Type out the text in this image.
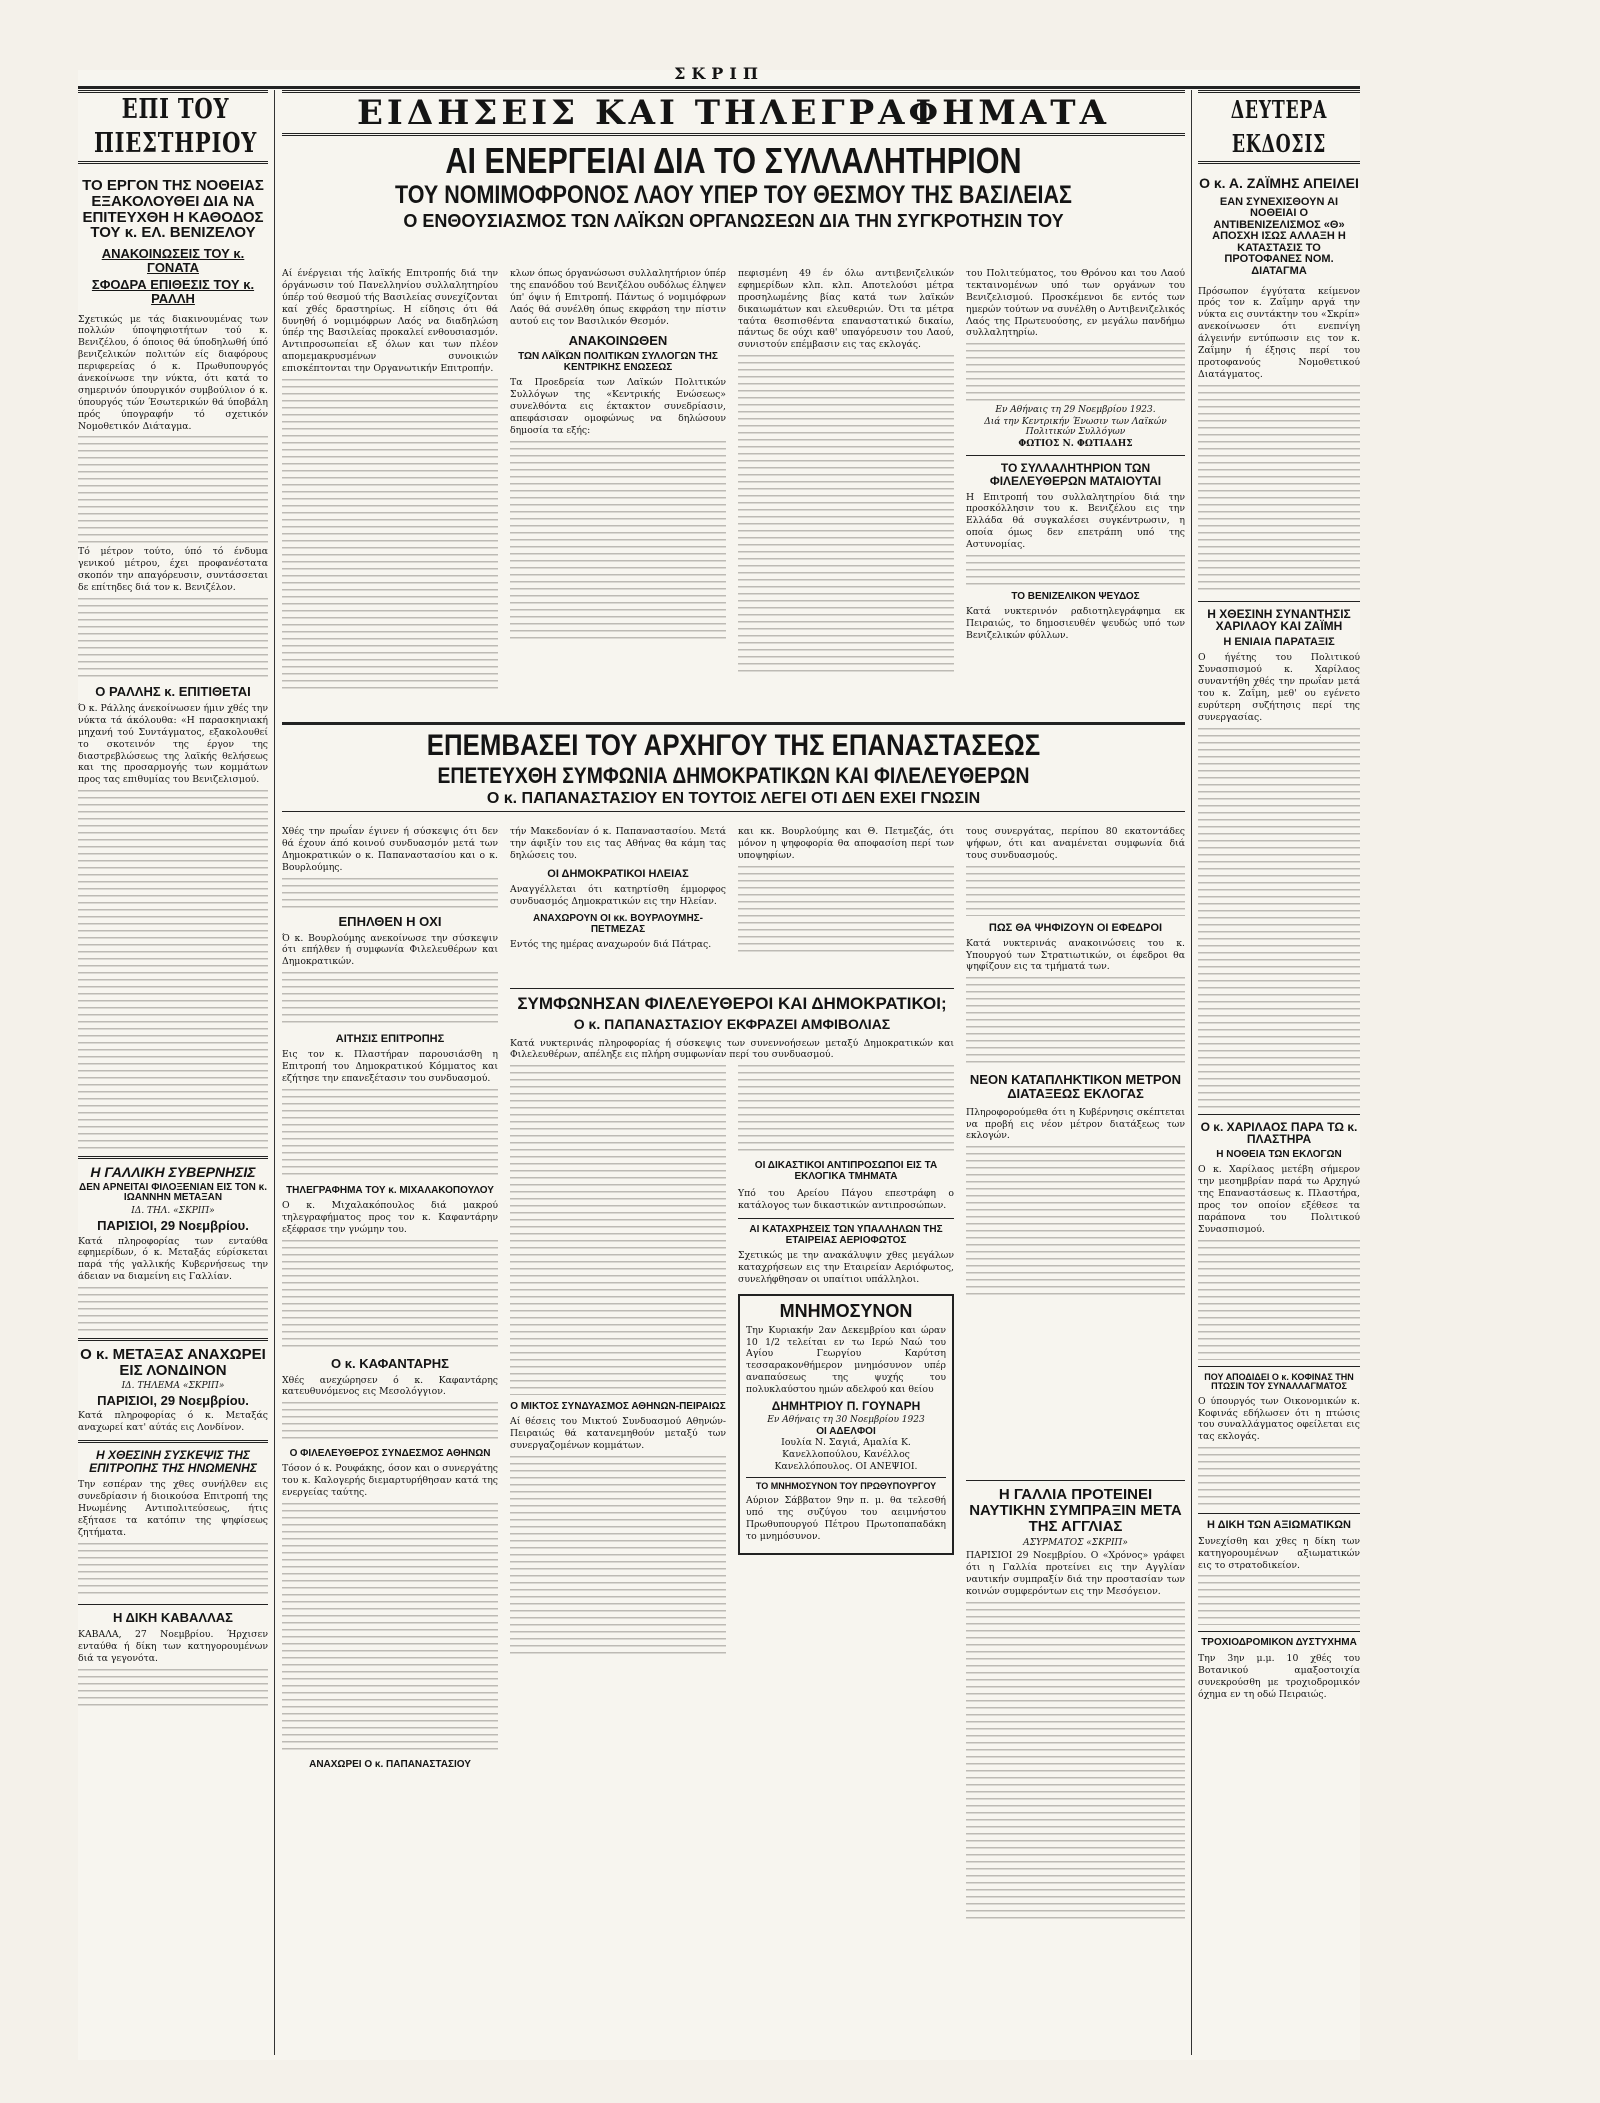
ΣΚΡΙΠ
ΕΠΙ ΤΟΥ ΠΙΕΣΤΗΡΙΟΥ
ΤΟ ΕΡΓΟΝ ΤΗΣ ΝΟΘΕΙΑΣ ΕΞΑΚΟΛΟΥΘΕΙ ΔΙΑ ΝΑ ΕΠΙΤΕΥΧΘΗ Η ΚΑΘΟΔΟΣ ΤΟΥ κ. ΕΛ. ΒΕΝΙΖΕΛΟΥ
ΑΝΑΚΟΙΝΩΣΕΙΣ ΤΟΥ κ. ΓΟΝΑΤΑ
ΣΦΟΔΡΑ ΕΠΙΘΕΣΙΣ ΤΟΥ κ. ΡΑΛΛΗ

Σχετικώς με τάς διακινουμένας των πολλών ύποψηφιοτήτων τού κ. Βενιζέλου, ό όποιος θά ύποδηλωθή ύπό βενιζελικών πολιτών είς διαφόρους περιφερείας ό κ. Πρωθυπουργός άνεκοίνωσε την νύκτα, ότι κατά το σημερινόν ύπουργικόν συμβούλιον ό κ. ύπουργός τών Έσωτερικών θά ύποβάλη πρός ύπογραφήν τό σχετικόν Νομοθετικόν Διάταγμα.

Τό μέτρον τούτο, ύπό τό ένδυμα γενικού μέτρου, έχει προφανέστατα σκοπόν την απαγόρευσιν, συντάσσεται δε επίτηδες διά τον κ. Βενιζέλον.

Ο ΡΑΛΛΗΣ κ. ΕΠΙΤΙΘΕΤΑΙ

Ό κ. Ράλλης άνεκοίνωσεν ήμιν χθές την νύκτα τά άκόλουθα: «Η παρασκηνιακή μηχανή τού Συντάγματος, εξακολουθεί το σκοτεινόν της έργον της διαστρεβλώσεως της λαϊκής θελήσεως και της προσαρμογής των κομμάτων προς τας επιθυμίας του Βενιζελισμού.

Η ΓΑΛΛΙΚΗ ΣΥΒΕΡΝΗΣΙΣ
ΔΕΝ ΑΡΝΕΙΤΑΙ ΦΙΛΟΞΕΝΙΑΝ ΕΙΣ ΤΟΝ κ. ΙΩΑΝΝΗΝ ΜΕΤΑΞΑΝ
ΙΔ. ΤΗΛ. «ΣΚΡΙΠ»
ΠΑΡΙΣΙΟΙ, 29 Νοεμβρίου.

Κατά πληροφορίας των ενταύθα εφημερίδων, ό κ. Μεταξάς εύρίσκεται παρά τής γαλλικής Κυβερνήσεως την άδειαν να διαμείνη εις Γαλλίαν.

Ο κ. ΜΕΤΑΞΑΣ ΑΝΑΧΩΡΕΙ ΕΙΣ ΛΟΝΔΙΝΟΝ
ΙΔ. ΤΗΛΕΜΑ «ΣΚΡΙΠ»
ΠΑΡΙΣΙΟΙ, 29 Νοεμβρίου.

Κατά πληροφορίας ό κ. Μεταξάς αναχωρεί κατ' αύτάς εις Λονδίνον.

Η ΧΘΕΣΙΝΗ ΣΥΣΚΕΨΙΣ ΤΗΣ ΕΠΙΤΡΟΠΗΣ ΤΗΣ ΗΝΩΜΕΝΗΣ

Την εσπέραν της χθες συνήλθεν εις συνεδρίασιν ή διοικούσα Επιτροπή της Ηνωμένης Αντιπολιτεύσεως, ήτις εξήτασε τα κατόπιν της ψηφίσεως ζητήματα.

Η ΔΙΚΗ ΚΑΒΑΛΛΑΣ

ΚΑΒΑΛΑ, 27 Νοεμβρίου. Ήρχισεν ενταύθα ή δίκη των κατηγορουμένων διά τα γεγονότα.

ΕΙΔΗΣΕΙΣ ΚΑΙ ΤΗΛΕΓΡΑΦΗΜΑΤΑ
ΑΙ ΕΝΕΡΓΕΙΑΙ ΔΙΑ ΤΟ ΣΥΛΛΑΛΗΤΗΡΙΟΝ
ΤΟΥ ΝΟΜΙΜΟΦΡΟΝΟΣ ΛΑΟΥ ΥΠΕΡ ΤΟΥ ΘΕΣΜΟΥ ΤΗΣ ΒΑΣΙΛΕΙΑΣ
Ο ΕΝΘΟΥΣΙΑΣΜΟΣ ΤΩΝ ΛΑΪΚΩΝ ΟΡΓΑΝΩΣΕΩΝ ΔΙΑ ΤΗΝ ΣΥΓΚΡΟΤΗΣΙΝ ΤΟΥ

Αί ένέργειαι τής λαϊκής Επιτροπής διά την όργάνωσιν τού Πανελληνίου συλλαλητηρίου ύπέρ τού θεσμού τής Βασιλείας συνεχίζονται καί χθές δραστηρίως. Η είδησις ότι θά δυνηθή ό νομιμόφρων Λαός να διαδηλώση ύπέρ της Βασιλείας προκαλεί ενθουσιασμόν. Αντιπροσωπείαι εξ όλων και των πλέον απομεμακρυσμένων συνοικιών επισκέπτονται την Οργανωτικήν Επιτροπήν.

κλων όπως όργανώσωσι συλλαλητήριον ύπέρ της επανόδου τού Βενιζέλου ουδόλως έληψεν ύπ' όψιν ή Επιτροπή. Πάντως ό νομιμόφρων Λαός θά συνέλθη όπως εκφράση την πίστιν αυτού εις τον Βασιλικόν Θεσμόν.

ΑΝΑΚΟΙΝΩΘΕΝ
ΤΩΝ ΛΑΪΚΩΝ ΠΟΛΙΤΙΚΩΝ ΣΥΛΛΟΓΩΝ ΤΗΣ ΚΕΝΤΡΙΚΗΣ ΕΝΩΣΕΩΣ

Τα Προεδρεία των Λαϊκών Πολιτικών Συλλόγων της «Κεντρικής Ενώσεως» συνελθόντα εις έκτακτον συνεδρίασιν, απεφάσισαν ομοφώνως να δηλώσουν δημοσία τα εξής:

πεφισμένη 49 έν όλω αντιβενιζελικών εφημερίδων κλπ. κλπ. Αποτελούσι μέτρα προσηλωμένης βίας κατά των λαϊκών δικαιωμάτων και ελευθεριών. Ότι τα μέτρα ταύτα θεσπισθέντα επαναστατικώ δικαίω, πάντως δε ούχι καθ' υπαγόρευσιν του Λαού, συνιστούν επέμβασιν εις τας εκλογάς.

του Πολιτεύματος, του Θρόνου και του Λαού τεκταινομένων υπό των οργάνων του Βενιζελισμού. Προσκέμενοι δε εντός των ημερών τούτων να συνέλθη ο Αντιβενιζελικός Λαός της Πρωτευούσης, εν μεγάλω πανδήμω συλλαλητηρίω.

Εν Αθήναις τη 29 Νοεμβρίου 1923.
Διά την Κεντρικήν Ένωσιν των Λαϊκών Πολιτικών Συλλόγων
ΦΩΤΙΟΣ Ν. ΦΩΤΙΑΔΗΣ
ΤΟ ΣΥΛΛΑΛΗΤΗΡΙΟΝ ΤΩΝ ΦΙΛΕΛΕΥΘΕΡΩΝ ΜΑΤΑΙΟΥΤΑΙ

Η Επιτροπή του συλλαλητηρίου διά την προσκόλλησιν του κ. Βενιζέλου εις την Ελλάδα θά συγκαλέσει συγκέντρωσιν, η οποία όμως δεν επετράπη υπό της Αστυνομίας.

ΤΟ ΒΕΝΙΖΕΛΙΚΟΝ ΨΕΥΔΟΣ

Κατά νυκτερινόν ραδιοτηλεγράφημα εκ Πειραιώς, το δημοσιευθέν ψευδώς υπό των Βενιζελικών φύλλων.

ΕΠΕΜΒΑΣΕΙ ΤΟΥ ΑΡΧΗΓΟΥ ΤΗΣ ΕΠΑΝΑΣΤΑΣΕΩΣ
ΕΠΕΤΕΥΧΘΗ ΣΥΜΦΩΝΙΑ ΔΗΜΟΚΡΑΤΙΚΩΝ ΚΑΙ ΦΙΛΕΛΕΥΘΕΡΩΝ
Ο κ. ΠΑΠΑΝΑΣΤΑΣΙΟΥ ΕΝ ΤΟΥΤΟΙΣ ΛΕΓΕΙ ΟΤΙ ΔΕΝ ΕΧΕΙ ΓΝΩΣΙΝ

Χθές την πρωΐαν έγινεν ή σύσκεψις ότι δεν θά έχουν άπό κοινού συνδυασμόν μετά των Δημοκρατικών ο κ. Παπαναστασίου και ο κ. Βουρλούμης.

ΕΠΗΛΘΕΝ Η ΟΧΙ

Ό κ. Βουρλούμης ανεκοίνωσε την σύσκεψιν ότι επήλθεν ή συμφωνία Φιλελευθέρων και Δημοκρατικών.

ΑΙΤΗΣΙΣ ΕΠΙΤΡΟΠΗΣ

Εις τον κ. Πλαστήραν παρουσιάσθη η Επιτροπή του Δημοκρατικού Κόμματος και εζήτησε την επανεξέτασιν του συνδυασμού.

ΤΗΛΕΓΡΑΦΗΜΑ ΤΟΥ κ. ΜΙΧΑΛΑΚΟΠΟΥΛΟΥ

Ο κ. Μιχαλακόπουλος διά μακρού τηλεγραφήματος προς τον κ. Καφαντάρην εξέφρασε την γνώμην του.

Ο κ. ΚΑΦΑΝΤΑΡΗΣ

Χθές ανεχώρησεν ό κ. Καφαντάρης κατευθυνόμενος εις Μεσολόγγιον.

Ο ΦΙΛΕΛΕΥΘΕΡΟΣ ΣΥΝΔΕΣΜΟΣ ΑΘΗΝΩΝ

Τόσον ό κ. Ρουφάκης, όσον και ο συνεργάτης του κ. Καλογερής διεμαρτυρήθησαν κατά της ενεργείας ταύτης.

ΑΝΑΧΩΡΕΙ Ο κ. ΠΑΠΑΝΑΣΤΑΣΙΟΥ

τήν Μακεδονίαν ό κ. Παπαναστασίου. Μετά την άφιξίν του εις τας Αθήνας θα κάμη τας δηλώσεις του.

ΟΙ ΔΗΜΟΚΡΑΤΙΚΟΙ ΗΛΕΙΑΣ

Αναγγέλλεται ότι κατηρτίσθη έμμορφος συνδυασμός Δημοκρατικών εις την Ηλείαν.

ΑΝΑΧΩΡΟΥΝ ΟΙ κκ. ΒΟΥΡΛΟΥΜΗΣ-ΠΕΤΜΕΖΑΣ

Εντός της ημέρας αναχωρούν διά Πάτρας.

και κκ. Βουρλούμης και Θ. Πετμεζάς, ότι μόνον η ψηφοφορία θα αποφασίση περί των υποψηφίων.

τους συνεργάτας, περίπου 80 εκατοντάδες ψήφων, ότι και αναμένεται συμφωνία διά τους συνδυασμούς.

ΠΩΣ ΘΑ ΨΗΦΙΖΟΥΝ ΟΙ ΕΦΕΔΡΟΙ

Κατά νυκτερινάς ανακοινώσεις του κ. Υπουργού των Στρατιωτικών, οι έφεδροι θα ψηφίζουν εις τα τμήματά των.

ΝΕΟΝ ΚΑΤΑΠΛΗΚΤΙΚΟΝ ΜΕΤΡΟΝ ΔΙΑΤΑΞΕΩΣ ΕΚΛΟΓΑΣ

Πληροφορούμεθα ότι η Κυβέρνησις σκέπτεται να προβή εις νέον μέτρον διατάξεως των εκλογών.

ΣΥΜΦΩΝΗΣΑΝ ΦΙΛΕΛΕΥΘΕΡΟΙ ΚΑΙ ΔΗΜΟΚΡΑΤΙΚΟΙ;
Ο κ. ΠΑΠΑΝΑΣΤΑΣΙΟΥ ΕΚΦΡΑΖΕΙ ΑΜΦΙΒΟΛΙΑΣ

Κατά νυκτερινάς πληροφορίας ή σύσκεψις των συνεννοήσεων μεταξύ Δημοκρατικών και Φιλελευθέρων, απέληξε εις πλήρη συμφωνίαν περί του συνδυασμού.

Ο ΜΙΚΤΟΣ ΣΥΝΔΥΑΣΜΟΣ ΑΘΗΝΩΝ-ΠΕΙΡΑΙΩΣ

Αί θέσεις του Μικτού Συνδυασμού Αθηνών-Πειραιώς θά κατανεμηθούν μεταξύ των συνεργαζομένων κομμάτων.

ΟΙ ΔΙΚΑΣΤΙΚΟΙ ΑΝΤΙΠΡΟΣΩΠΟΙ ΕΙΣ ΤΑ ΕΚΛΟΓΙΚΑ ΤΜΗΜΑΤΑ

Υπό του Αρείου Πάγου επεστράφη ο κατάλογος των δικαστικών αντιπροσώπων.

ΑΙ ΚΑΤΑΧΡΗΣΕΙΣ ΤΩΝ ΥΠΑΛΛΗΛΩΝ ΤΗΣ ΕΤΑΙΡΕΙΑΣ ΑΕΡΙΟΦΩΤΟΣ

Σχετικώς με την ανακάλυψιν χθες μεγάλων καταχρήσεων εις την Εταιρείαν Αεριόφωτος, συνελήφθησαν οι υπαίτιοι υπάλληλοι.

ΜΝΗΜΟΣΥΝΟΝ

Την Κυριακήν 2αν Δεκεμβρίου και ώραν 10 1/2 τελείται εν τω Ιερώ Ναώ του Αγίου Γεωργίου Καρύτση τεσσαρακονθήμερον μνημόσυνον υπέρ αναπαύσεως της ψυχής του πολυκλαύστου ημών αδελφού και θείου

ΔΗΜΗΤΡΙΟΥ Π. ΓΟΥΝΑΡΗ
Εν Αθήναις τη 30 Νοεμβρίου 1923
ΟΙ ΑΔΕΛΦΟΙ

Ιουλία Ν. Σαγιά, Αμαλία Κ. Κανελλοπούλου, Κανέλλος Κανελλόπουλος. ΟΙ ΑΝΕΨΙΟΙ.

ΤΟ ΜΝΗΜΟΣΥΝΟΝ ΤΟΥ ΠΡΩΘΥΠΟΥΡΓΟΥ

Αύριον Σάββατον 9ην π. μ. θα τελεσθή υπό της συζύγου του αειμνήστου Πρωθυπουργού Πέτρου Πρωτοπαπαδάκη το μνημόσυνον.

Η ΓΑΛΛΙΑ ΠΡΟΤΕΙΝΕΙ ΝΑΥΤΙΚΗΝ ΣΥΜΠΡΑΞΙΝ ΜΕΤΑ ΤΗΣ ΑΓΓΛΙΑΣ
ΑΣΥΡΜΑΤΟΣ «ΣΚΡΙΠ»

ΠΑΡΙΣΙΟΙ 29 Νοεμβρίου. Ο «Χρόνος» γράφει ότι η Γαλλία προτείνει εις την Αγγλίαν ναυτικήν συμπραξίν διά την προστασίαν των κοινών συμφερόντων εις την Μεσόγειον.

ΔΕΥΤΕΡΑ ΕΚΔΟΣΙΣ
Ο κ. Α. ΖΑΪΜΗΣ ΑΠΕΙΛΕΙ
ΕΑΝ ΣΥΝΕΧΙΣΘΟΥΝ ΑΙ ΝΟΘΕΙΑΙ Ο ΑΝΤΙΒΕΝΙΖΕΛΙΣΜΟΣ «Θ» ΑΠΟΣΧΗ ΙΣΩΣ ΑΛΛΑΞΗ Η ΚΑΤΑΣΤΑΣΙΣ ΤΟ ΠΡΟΤΟΦΑΝΕΣ ΝΟΜ. ΔΙΑΤΑΓΜΑ

Πρόσωπον έγγύτατα κείμενον πρός τον κ. Ζαΐμην αργά την νύκτα εις συντάκτην του «Σκρίπ» ανεκοίνωσεν ότι ενεπνίγη άλγεινήν εντύπωσιν εις τον κ. Ζαΐμην ή έξησις περί του προτοφανούς Νομοθετικού Διατάγματος.

Η ΧΘΕΣΙΝΗ ΣΥΝΑΝΤΗΣΙΣ ΧΑΡΙΛΑΟΥ ΚΑΙ ΖΑΪΜΗ
Η ΕΝΙΑΙΑ ΠΑΡΑΤΑΞΙΣ

Ο ήγέτης του Πολιτικού Συνασπισμού κ. Χαρίλαος συναντήθη χθές την πρωΐαν μετά του κ. Ζαΐμη, μεθ' ου εγένετο ευρύτερη συζήτησις περί της συνεργασίας.

Ο κ. ΧΑΡΙΛΑΟΣ ΠΑΡΑ ΤΩ κ. ΠΛΑΣΤΗΡΑ
Η ΝΟΘΕΙΑ ΤΩΝ ΕΚΛΟΓΩΝ

Ο κ. Χαρίλαος μετέβη σήμερον την μεσημβρίαν παρά τω Αρχηγώ της Επαναστάσεως κ. Πλαστήρα, προς τον οποίον εξέθεσε τα παράπονα του Πολιτικού Συνασπισμού.

ΠΟΥ ΑΠΟΔΙΔΕΙ Ο κ. ΚΟΦΙΝΑΣ ΤΗΝ ΠΤΩΣΙΝ ΤΟΥ ΣΥΝΑΛΛΑΓΜΑΤΟΣ

Ο ύπουργός των Οικονομικών κ. Κοφινάς εδήλωσεν ότι η πτώσις του συναλλάγματος οφείλεται εις τας εκλογάς.

Η ΔΙΚΗ ΤΩΝ ΑΞΙΩΜΑΤΙΚΩΝ

Συνεχίσθη και χθες η δίκη των κατηγορουμένων αξιωματικών εις το στρατοδικείον.

ΤΡΟΧΙΟΔΡΟΜΙΚΟΝ ΔΥΣΤΥΧΗΜΑ

Την 3ην μ.μ. 10 χθές του Βοτανικού αμαξοστοιχία συνεκρούσθη με τροχιοδρομικόν όχημα εν τη οδώ Πειραιώς.
